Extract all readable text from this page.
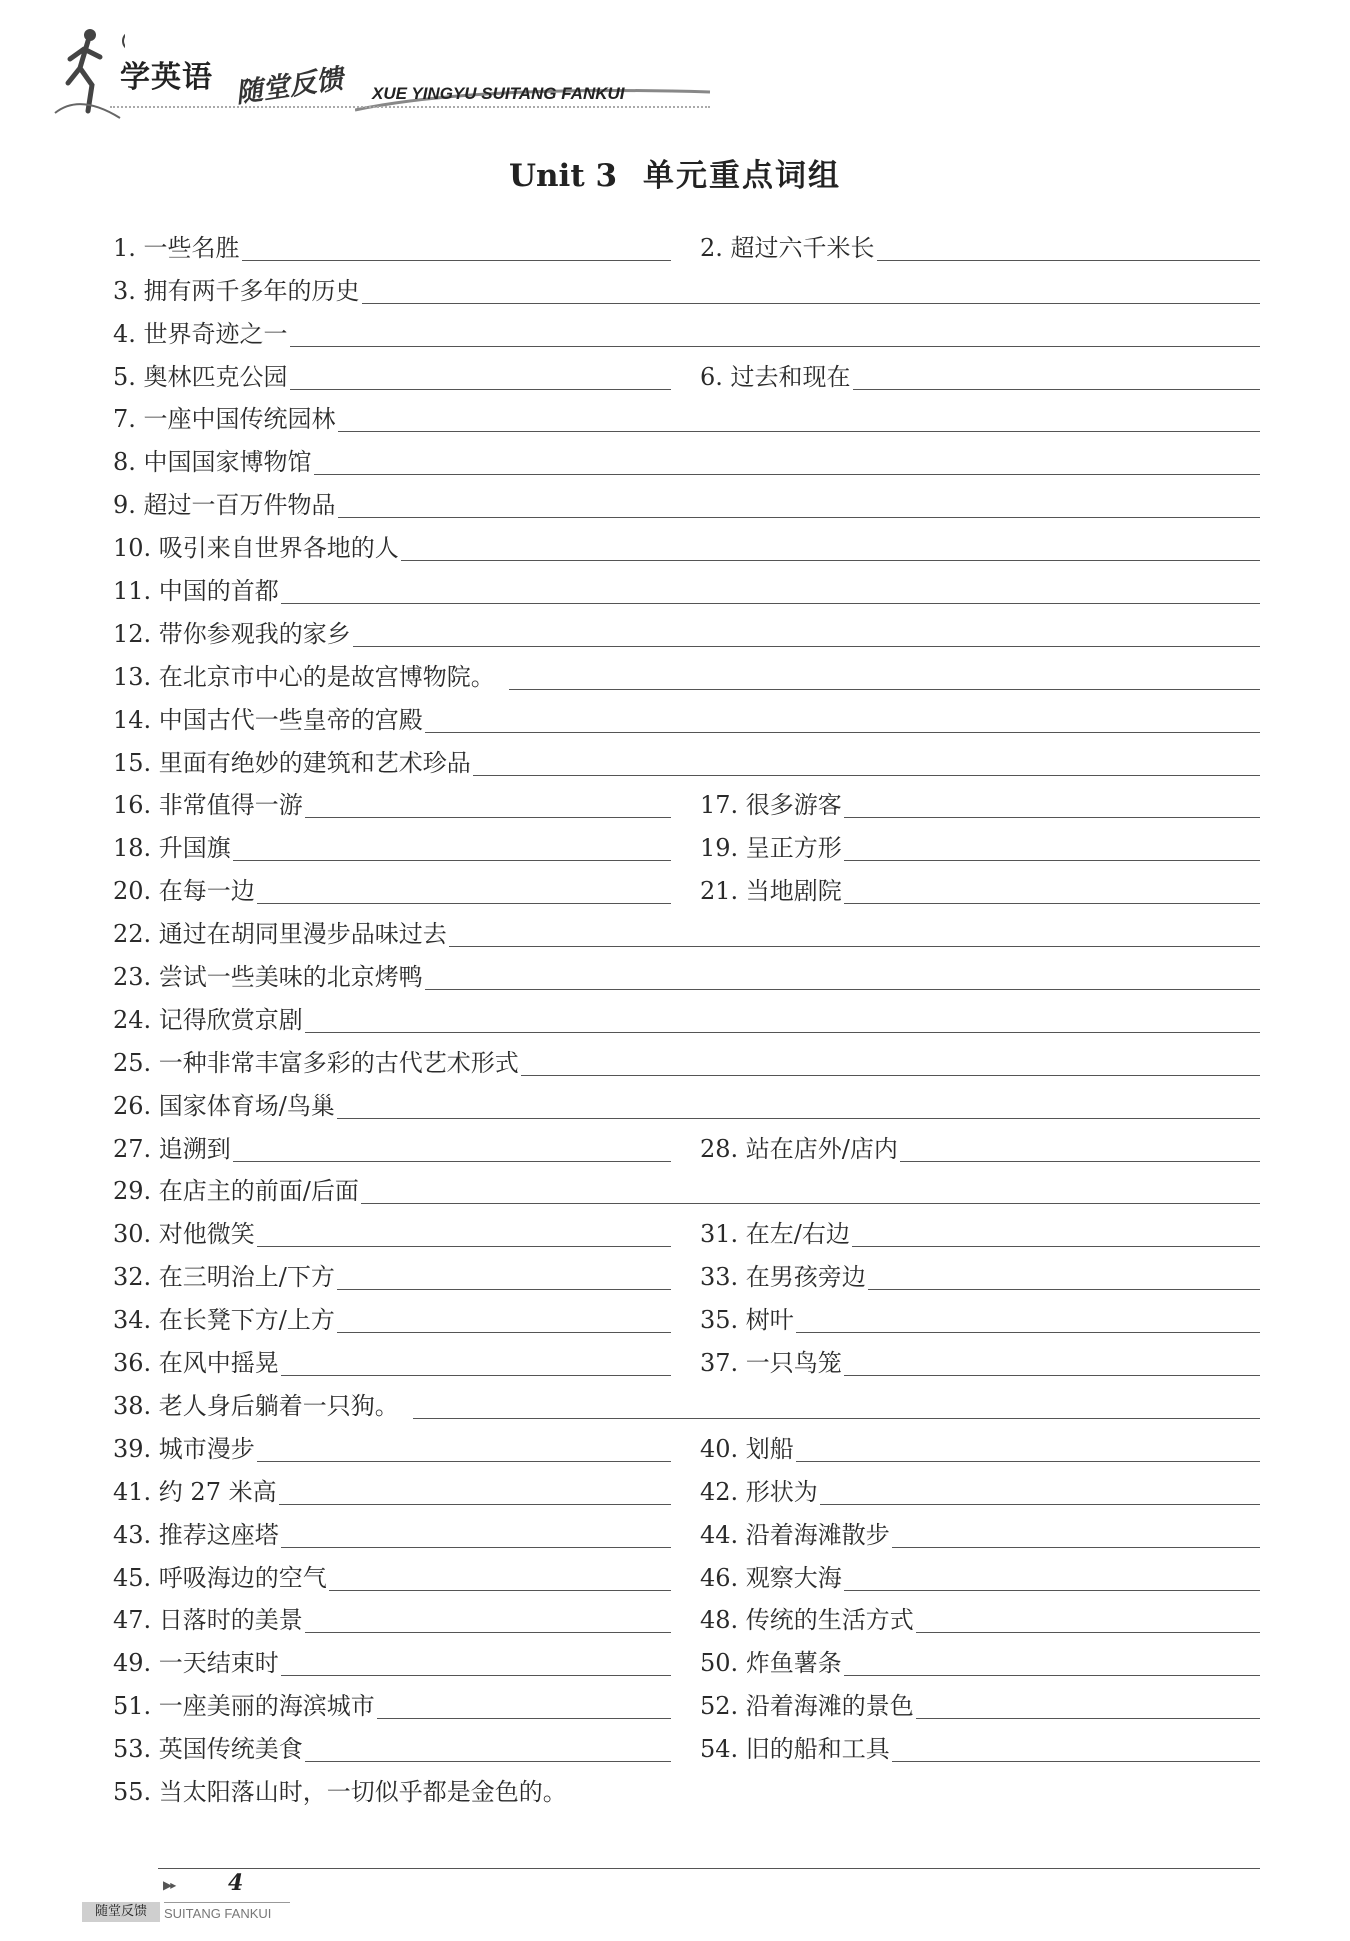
学英语 随堂反馈 XUE YINGYU SUITANG FANKUI
Unit 3 单元重点词组
1. 一些名胜	2. 超过六千米长
3. 拥有两千多年的历史
4. 世界奇迹之一
5. 奥林匹克公园	6. 过去和现在
7. 一座中国传统园林
8. 中国国家博物馆
9. 超过一百万件物品
10. 吸引来自世界各地的人
11. 中国的首都
12. 带你参观我的家乡
13. 在北京市中心的是故宫博物院。
14. 中国古代一些皇帝的宫殿
15. 里面有绝妙的建筑和艺术珍品
16. 非常值得一游	17. 很多游客
18. 升国旗	19. 呈正方形
20. 在每一边	21. 当地剧院
22. 通过在胡同里漫步品味过去
23. 尝试一些美味的北京烤鸭
24. 记得欣赏京剧
25. 一种非常丰富多彩的古代艺术形式
26. 国家体育场/鸟巢
27. 追溯到	28. 站在店外/店内
29. 在店主的前面/后面
30. 对他微笑	31. 在左/右边
32. 在三明治上/下方	33. 在男孩旁边
34. 在长凳下方/上方	35. 树叶
36. 在风中摇晃	37. 一只鸟笼
38. 老人身后躺着一只狗。
39. 城市漫步	40. 划船
41. 约 27 米高	42. 形状为
43. 推荐这座塔	44. 沿着海滩散步
45. 呼吸海边的空气	46. 观察大海
47. 日落时的美景	48. 传统的生活方式
49. 一天结束时	50. 炸鱼薯条
51. 一座美丽的海滨城市	52. 沿着海滩的景色
53. 英国传统美食	54. 旧的船和工具
55. 当太阳落山时，一切似乎都是金色的。
▶▸ 4
随堂反馈	SUITANG FANKUI
